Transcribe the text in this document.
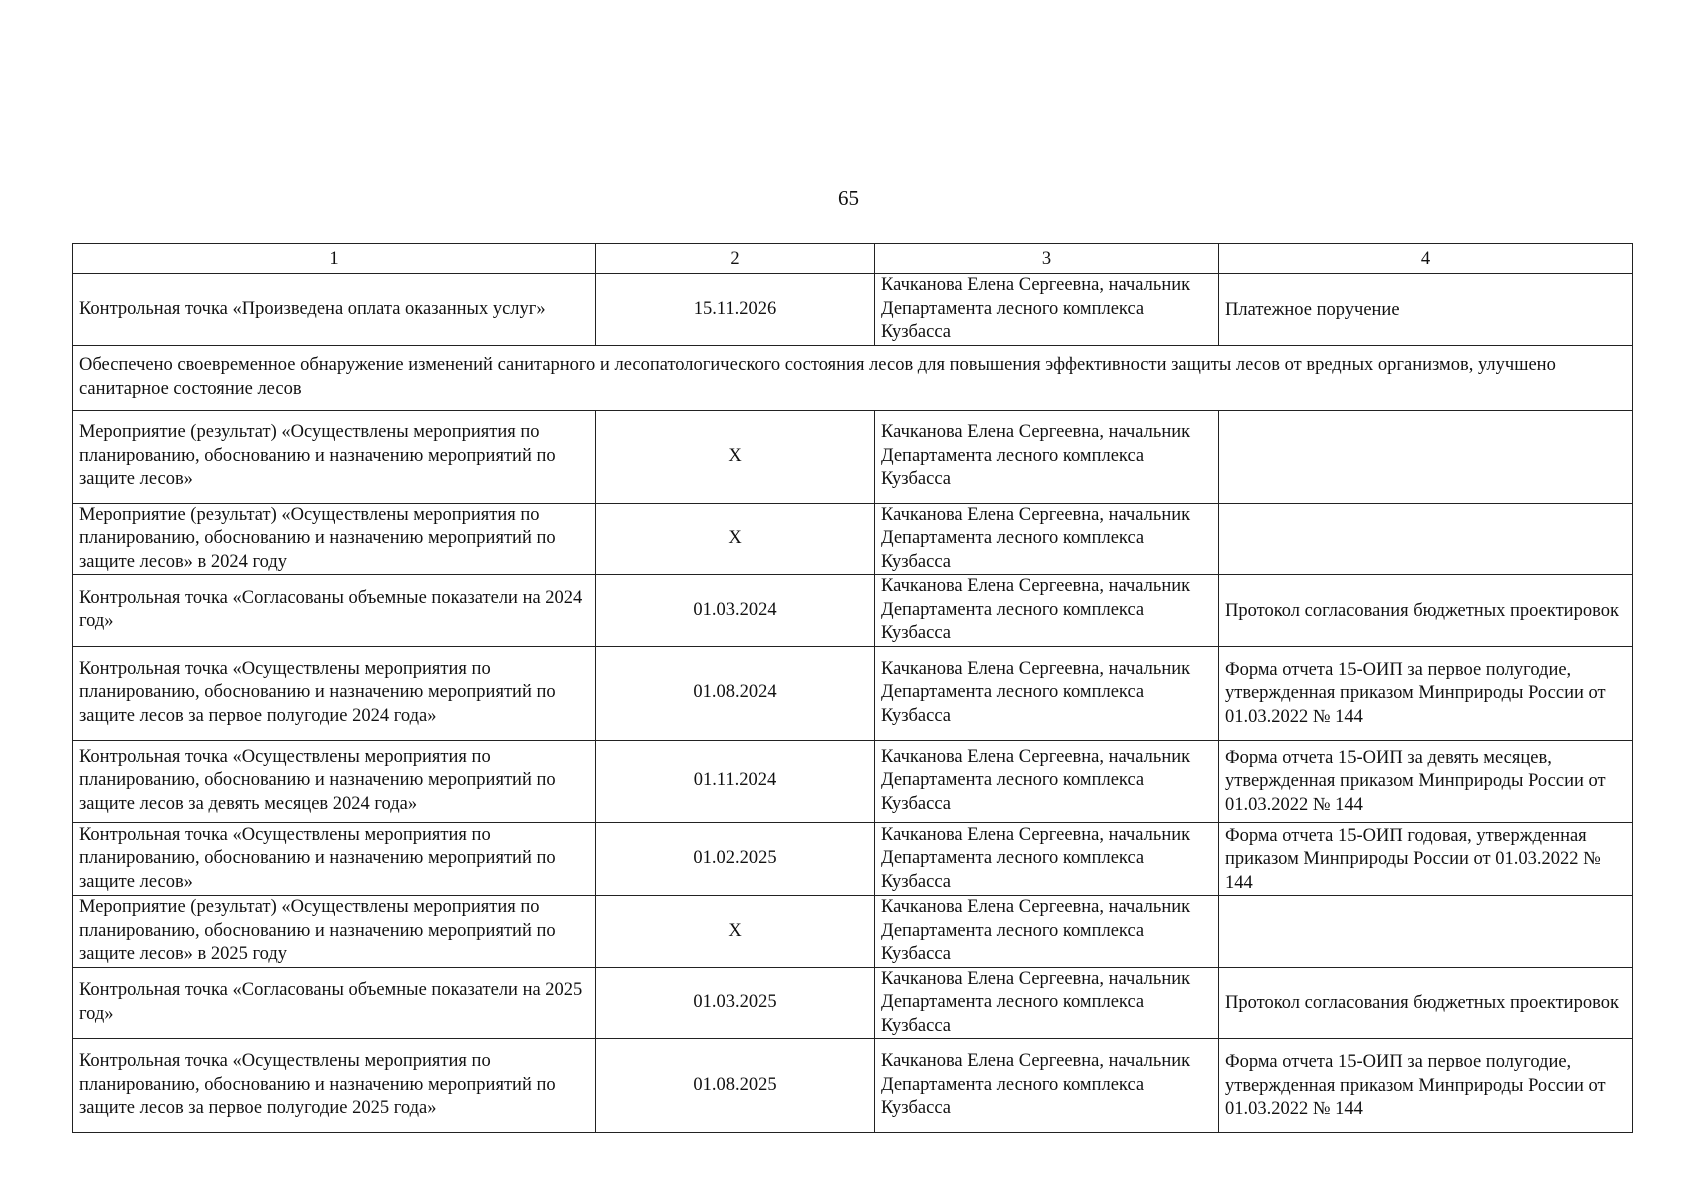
65
1	2	3	4
Контрольная точка «Произведена оплата оказанных услуг»	15.11.2026	Качканова Елена Сергеевна, начальник Департамента лесного комплекса Кузбасса	Платежное поручение
Обеспечено своевременное обнаружение изменений санитарного и лесопатологического состояния лесов для повышения эффективности защиты лесов от вредных организмов, улучшено санитарное состояние лесов			
Мероприятие (результат) «Осуществлены мероприятия по планированию, обоснованию и назначению мероприятий по защите лесов»	X	Качканова Елена Сергеевна, начальник Департамента лесного комплекса Кузбасса	
Мероприятие (результат) «Осуществлены мероприятия по планированию, обоснованию и назначению мероприятий по защите лесов» в 2024 году	X	Качканова Елена Сергеевна, начальник Департамента лесного комплекса Кузбасса	
Контрольная точка «Согласованы объемные показатели на 2024 год»	01.03.2024	Качканова Елена Сергеевна, начальник Департамента лесного комплекса Кузбасса	Протокол согласования бюджетных проектировок
Контрольная точка «Осуществлены мероприятия по планированию, обоснованию и назначению мероприятий по защите лесов за первое полугодие 2024 года»	01.08.2024	Качканова Елена Сергеевна, начальник Департамента лесного комплекса Кузбасса	Форма отчета 15-ОИП за первое полугодие, утвержденная приказом Минприроды России от 01.03.2022 № 144
Контрольная точка «Осуществлены мероприятия по планированию, обоснованию и назначению мероприятий по защите лесов за девять месяцев 2024 года»	01.11.2024	Качканова Елена Сергеевна, начальник Департамента лесного комплекса Кузбасса	Форма отчета 15-ОИП за девять месяцев, утвержденная приказом Минприроды России от 01.03.2022 № 144
Контрольная точка «Осуществлены мероприятия по планированию, обоснованию и назначению мероприятий по защите лесов»	01.02.2025	Качканова Елена Сергеевна, начальник Департамента лесного комплекса Кузбасса	Форма отчета 15-ОИП годовая, утвержденная приказом Минприроды России от 01.03.2022 № 144
Мероприятие (результат) «Осуществлены мероприятия по планированию, обоснованию и назначению мероприятий по защите лесов» в 2025 году	X	Качканова Елена Сергеевна, начальник Департамента лесного комплекса Кузбасса	
Контрольная точка «Согласованы объемные показатели на 2025 год»	01.03.2025	Качканова Елена Сергеевна, начальник Департамента лесного комплекса Кузбасса	Протокол согласования бюджетных проектировок
Контрольная точка «Осуществлены мероприятия по планированию, обоснованию и назначению мероприятий по защите лесов за первое полугодие 2025 года»	01.08.2025	Качканова Елена Сергеевна, начальник Департамента лесного комплекса Кузбасса	Форма отчета 15-ОИП за первое полугодие, утвержденная приказом Минприроды России от 01.03.2022 № 144
